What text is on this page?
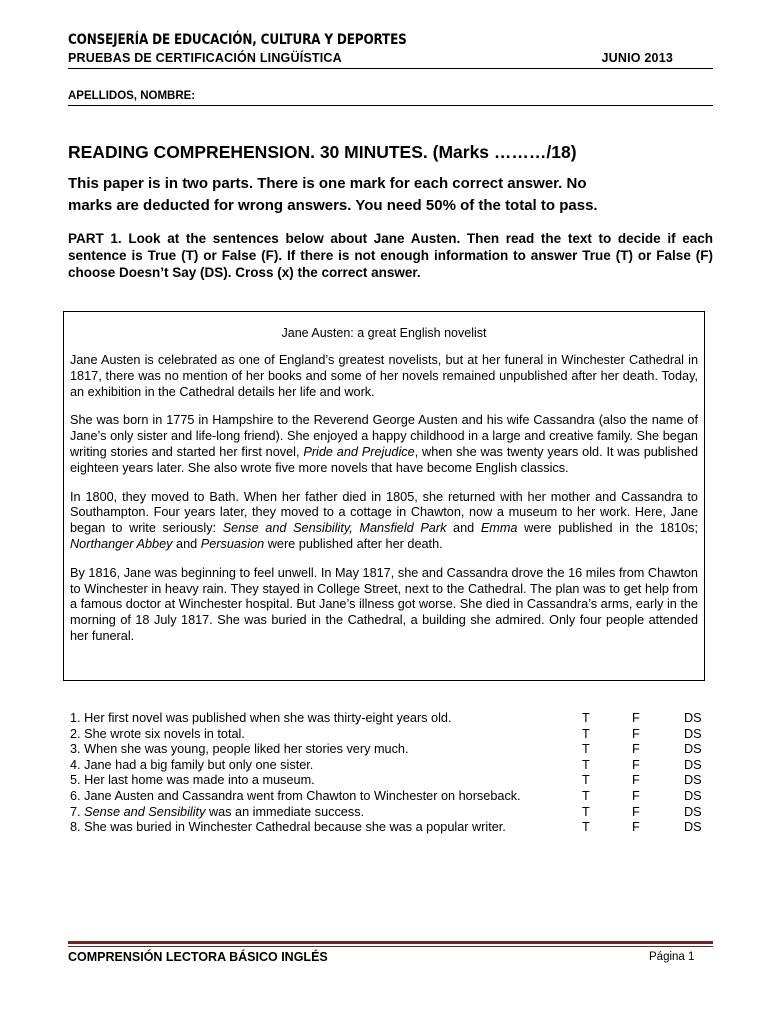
CONSEJERÍA DE EDUCACIÓN, CULTURA Y DEPORTES
PRUEBAS DE CERTIFICACIÓN LINGÜÍSTICA	JUNIO 2013
APELLIDOS, NOMBRE:
READING COMPREHENSION. 30 MINUTES. (Marks ………/18)
This paper is in two parts. There is one mark for each correct answer. No marks are deducted for wrong answers. You need 50% of the total to pass.
PART 1. Look at the sentences below about Jane Austen. Then read the text to decide if each sentence is True (T) or False (F). If there is not enough information to answer True (T) or False (F) choose Doesn’t Say (DS). Cross (x) the correct answer.
Jane Austen: a great English novelist

Jane Austen is celebrated as one of England’s greatest novelists, but at her funeral in Winchester Cathedral in 1817, there was no mention of her books and some of her novels remained unpublished after her death. Today, an exhibition in the Cathedral details her life and work.

She was born in 1775 in Hampshire to the Reverend George Austen and his wife Cassandra (also the name of Jane’s only sister and life-long friend). She enjoyed a happy childhood in a large and creative family. She began writing stories and started her first novel, Pride and Prejudice, when she was twenty years old. It was published eighteen years later. She also wrote five more novels that have become English classics.

In 1800, they moved to Bath. When her father died in 1805, she returned with her mother and Cassandra to Southampton. Four years later, they moved to a cottage in Chawton, now a museum to her work. Here, Jane began to write seriously: Sense and Sensibility, Mansfield Park and Emma were published in the 1810s; Northanger Abbey and Persuasion were published after her death.

By 1816, Jane was beginning to feel unwell. In May 1817, she and Cassandra drove the 16 miles from Chawton to Winchester in heavy rain. They stayed in College Street, next to the Cathedral. The plan was to get help from a famous doctor at Winchester hospital. But Jane’s illness got worse. She died in Cassandra’s arms, early in the morning of 18 July 1817. She was buried in the Cathedral, a building she admired. Only four people attended her funeral.

1. Her first novel was published when she was thirty-eight years old.	T	F	DS
2. She wrote six novels in total.	T	F	DS
3. When she was young, people liked her stories very much.	T	F	DS
4. Jane had a big family but only one sister.	T	F	DS
5. Her last home was made into a museum.	T	F	DS
6. Jane Austen and Cassandra went from Chawton to Winchester on horseback.	T	F	DS
7. Sense and Sensibility was an immediate success.	T	F	DS
8. She was buried in Winchester Cathedral because she was a popular writer.	T	F	DS
COMPRENSIÓN LECTORA BÁSICO INGLÉS	Página 1
